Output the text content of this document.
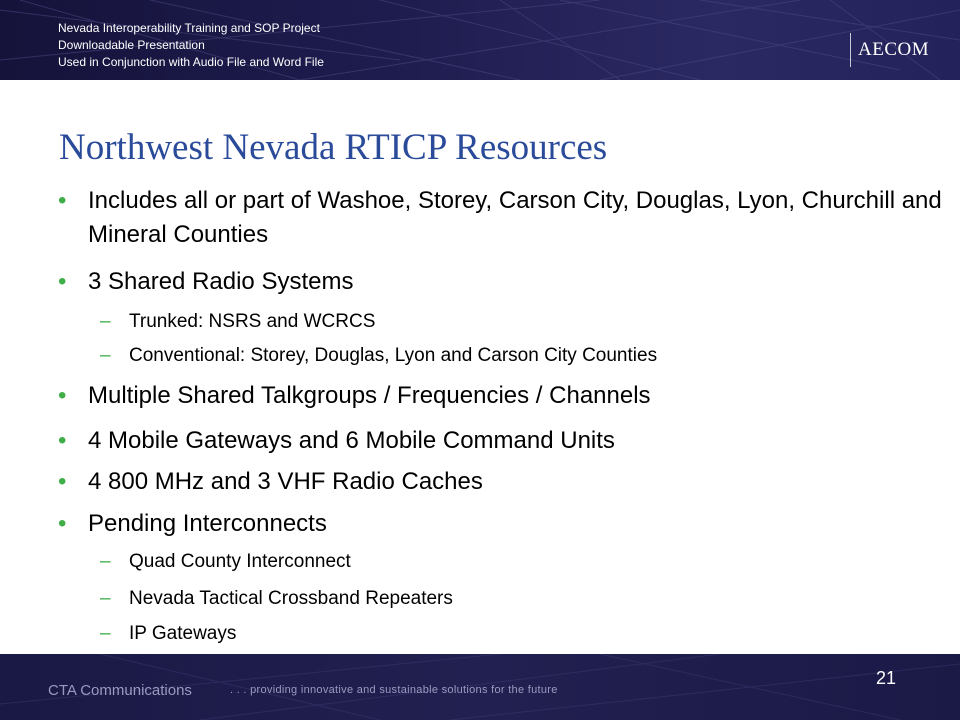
Nevada Interoperability Training and SOP Project
Downloadable Presentation
Used in Conjunction with Audio File and Word File
AECOM
Northwest Nevada RTICP Resources
• Includes all or part of Washoe, Storey, Carson City, Douglas, Lyon, Churchill and Mineral Counties
• 3 Shared Radio Systems
– Trunked: NSRS and WCRCS
– Conventional: Storey, Douglas, Lyon and Carson City Counties
• Multiple Shared Talkgroups / Frequencies / Channels
• 4 Mobile Gateways and 6 Mobile Command Units
• 4 800 MHz and 3 VHF Radio Caches
• Pending Interconnects
– Quad County Interconnect
– Nevada Tactical Crossband Repeaters
– IP Gateways
CTA Communications	. . . providing innovative and sustainable solutions for the future
21
